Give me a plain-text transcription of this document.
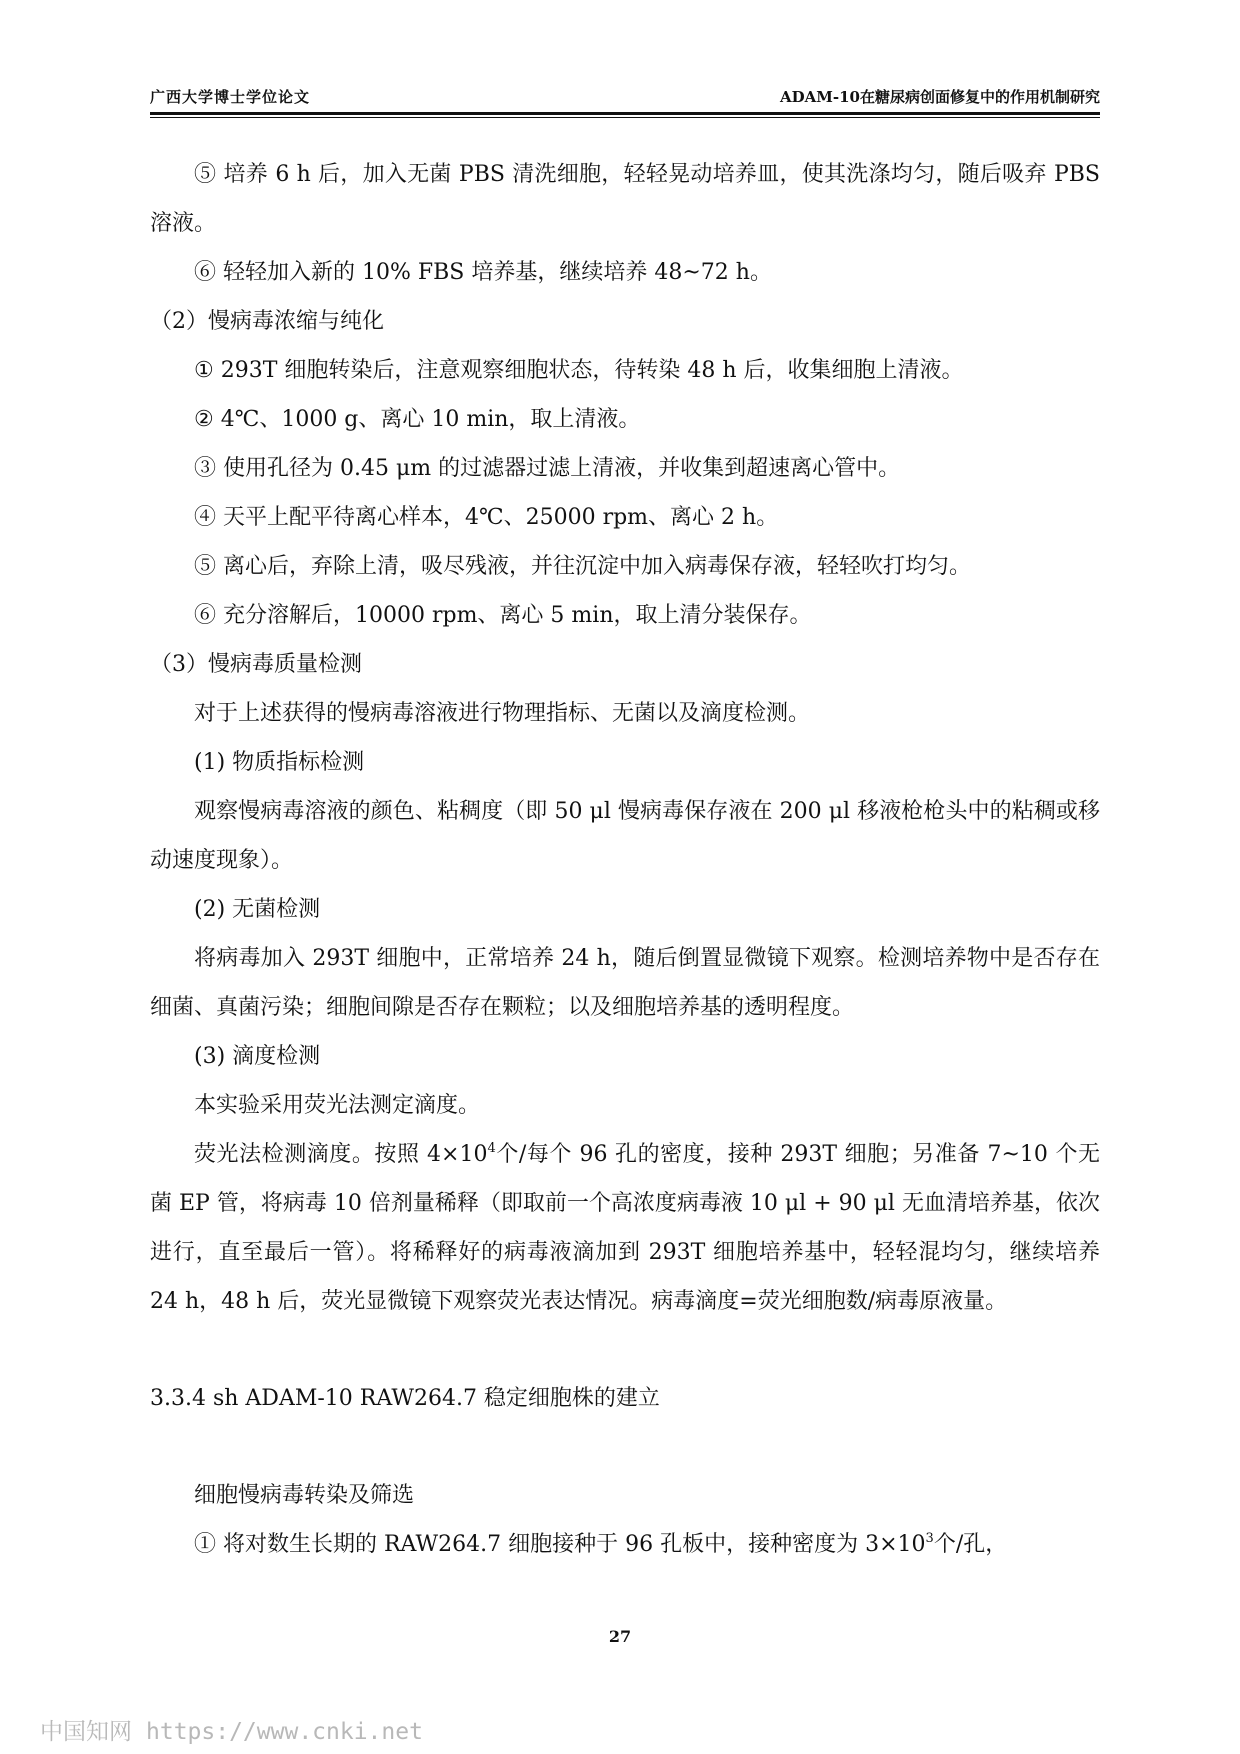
广西大学博士学位论文	ADAM-10在糖尿病创面修复中的作用机制研究

⑤ 培养 6 h 后，加入无菌 PBS 清洗细胞，轻轻晃动培养皿，使其洗涤均匀，随后吸弃 PBS 溶液。

⑥ 轻轻加入新的 10% FBS 培养基，继续培养 48~72 h。

（2）慢病毒浓缩与纯化

① 293T 细胞转染后，注意观察细胞状态，待转染 48 h 后，收集细胞上清液。

② 4℃、1000 g、离心 10 min，取上清液。

③ 使用孔径为 0.45 μm 的过滤器过滤上清液，并收集到超速离心管中。

④ 天平上配平待离心样本，4℃、25000 rpm、离心 2 h。

⑤ 离心后，弃除上清，吸尽残液，并往沉淀中加入病毒保存液，轻轻吹打均匀。

⑥ 充分溶解后，10000 rpm、离心 5 min，取上清分装保存。

（3）慢病毒质量检测

对于上述获得的慢病毒溶液进行物理指标、无菌以及滴度检测。

(1) 物质指标检测

观察慢病毒溶液的颜色、粘稠度（即 50 μl 慢病毒保存液在 200 μl 移液枪枪头中的粘稠或移动速度现象）。

(2) 无菌检测

将病毒加入 293T 细胞中，正常培养 24 h，随后倒置显微镜下观察。检测培养物中是否存在细菌、真菌污染；细胞间隙是否存在颗粒；以及细胞培养基的透明程度。

(3) 滴度检测

本实验采用荧光法测定滴度。

荧光法检测滴度。按照 $4\times 10^4$个/每个 96 孔的密度，接种 293T 细胞；另准备 7~10 个无菌 EP 管，将病毒 10 倍剂量稀释（即取前一个高浓度病毒液 10 μl + 90 μl 无血清培养基，依次进行，直至最后一管）。将稀释好的病毒液滴加到 293T 细胞培养基中，轻轻混均匀，继续培养 24 h，48 h 后，荧光显微镜下观察荧光表达情况。病毒滴度=荧光细胞数/病毒原液量。

3.3.4 sh ADAM-10 RAW264.7 稳定细胞株的建立

细胞慢病毒转染及筛选

① 将对数生长期的 RAW264.7 细胞接种于 96 孔板中，接种密度为 $3\times 10^3$个/孔，

27
中国知网 https://www.cnki.net
